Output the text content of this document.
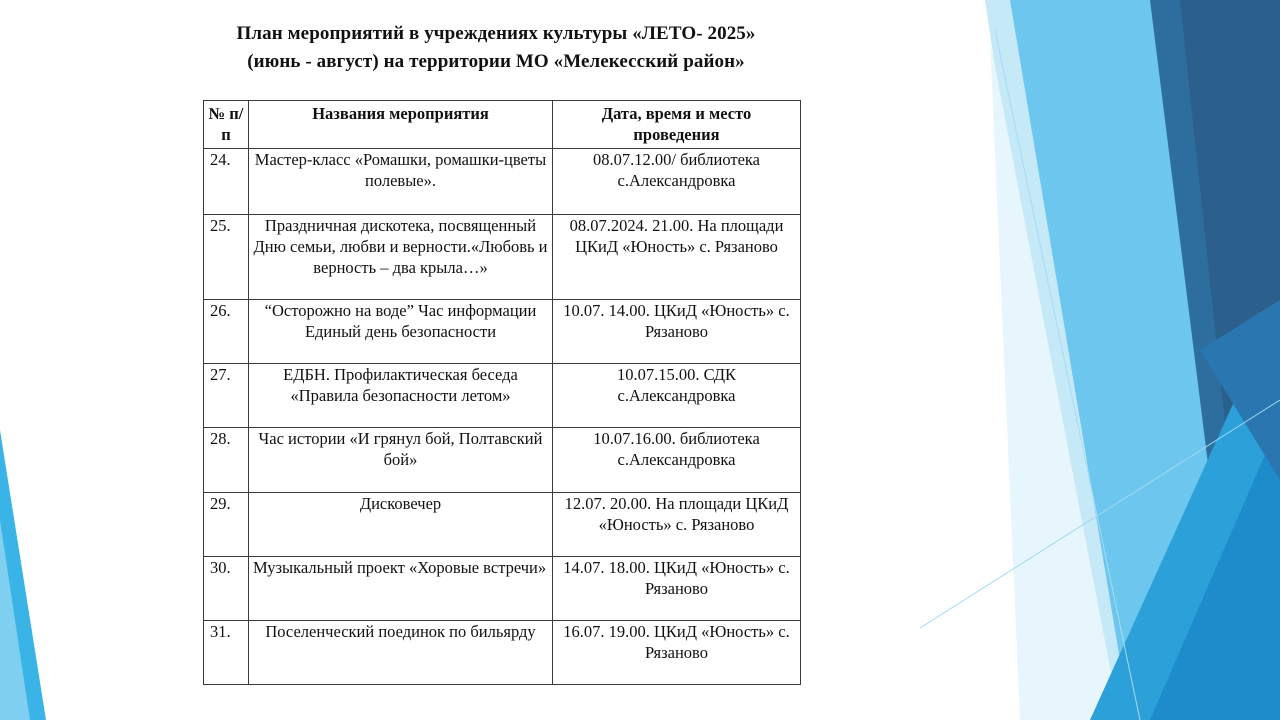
План мероприятий в учреждениях культуры «ЛЕТО- 2025»
(июнь - август) на территории МО «Мелекесский район»
№ п/п	Названия мероприятия	Дата, время и место проведения
24.	Мастер-класс «Ромашки, ромашки-цветы полевые».	08.07.12.00/ библиотека с.Александровка
25.	Праздничная дискотека, посвященный Дню семьи, любви и верности.«Любовь и верность – два крыла…»	08.07.2024. 21.00. На площади ЦКиД «Юность» с. Рязаново
26.	“Осторожно на воде” Час информации Единый день безопасности	10.07. 14.00. ЦКиД «Юность» с. Рязаново
27.	ЕДБН. Профилактическая беседа «Правила безопасности летом»	10.07.15.00. СДК с.Александровка
28.	Час истории «И грянул бой, Полтавский бой»	10.07.16.00. библиотека с.Александровка
29.	Дисковечер	12.07. 20.00. На площади ЦКиД «Юность» с. Рязаново
30.	Музыкальный проект «Хоровые встречи»	14.07. 18.00. ЦКиД «Юность» с. Рязаново
31.	Поселенческий поединок по бильярду	16.07. 19.00. ЦКиД «Юность» с. Рязаново
